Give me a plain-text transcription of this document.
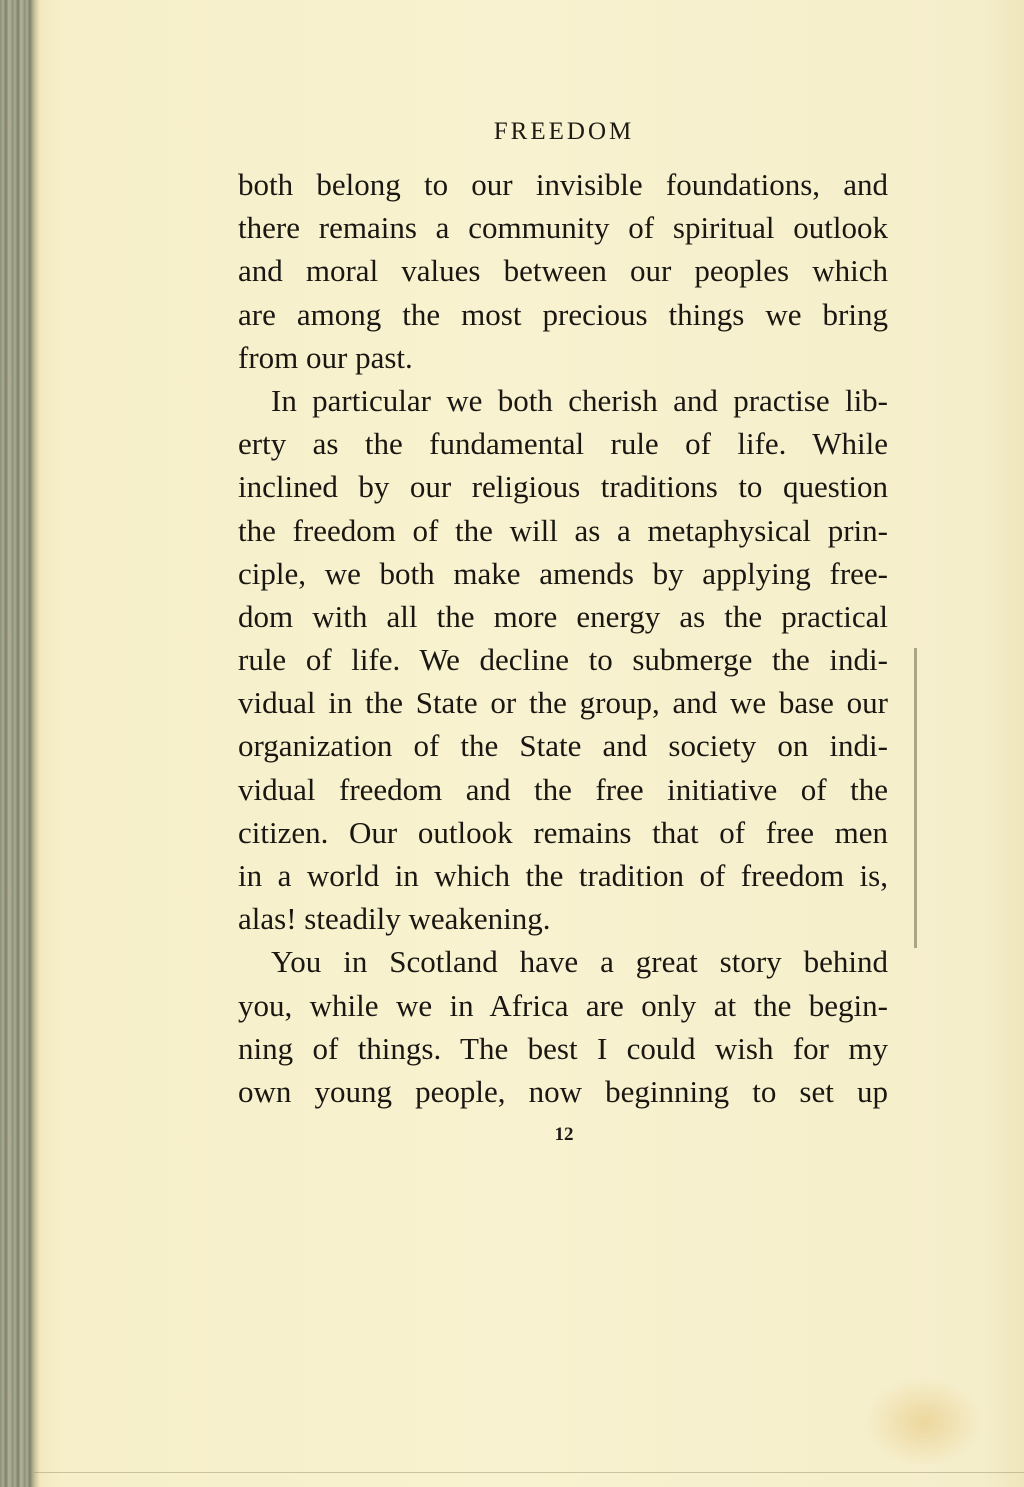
FREEDOM
both belong to our invisible foundations, and
there remains a community of spiritual outlook
and moral values between our peoples which
are among the most precious things we bring
from our past.
In particular we both cherish and practise lib-
erty as the fundamental rule of life. While
inclined by our religious traditions to question
the freedom of the will as a metaphysical prin-
ciple, we both make amends by applying free-
dom with all the more energy as the practical
rule of life. We decline to submerge the indi-
vidual in the State or the group, and we base our
organization of the State and society on indi-
vidual freedom and the free initiative of the
citizen. Our outlook remains that of free men
in a world in which the tradition of freedom is,
alas! steadily weakening.
You in Scotland have a great story behind
you, while we in Africa are only at the begin-
ning of things. The best I could wish for my
own young people, now beginning to set up
12
